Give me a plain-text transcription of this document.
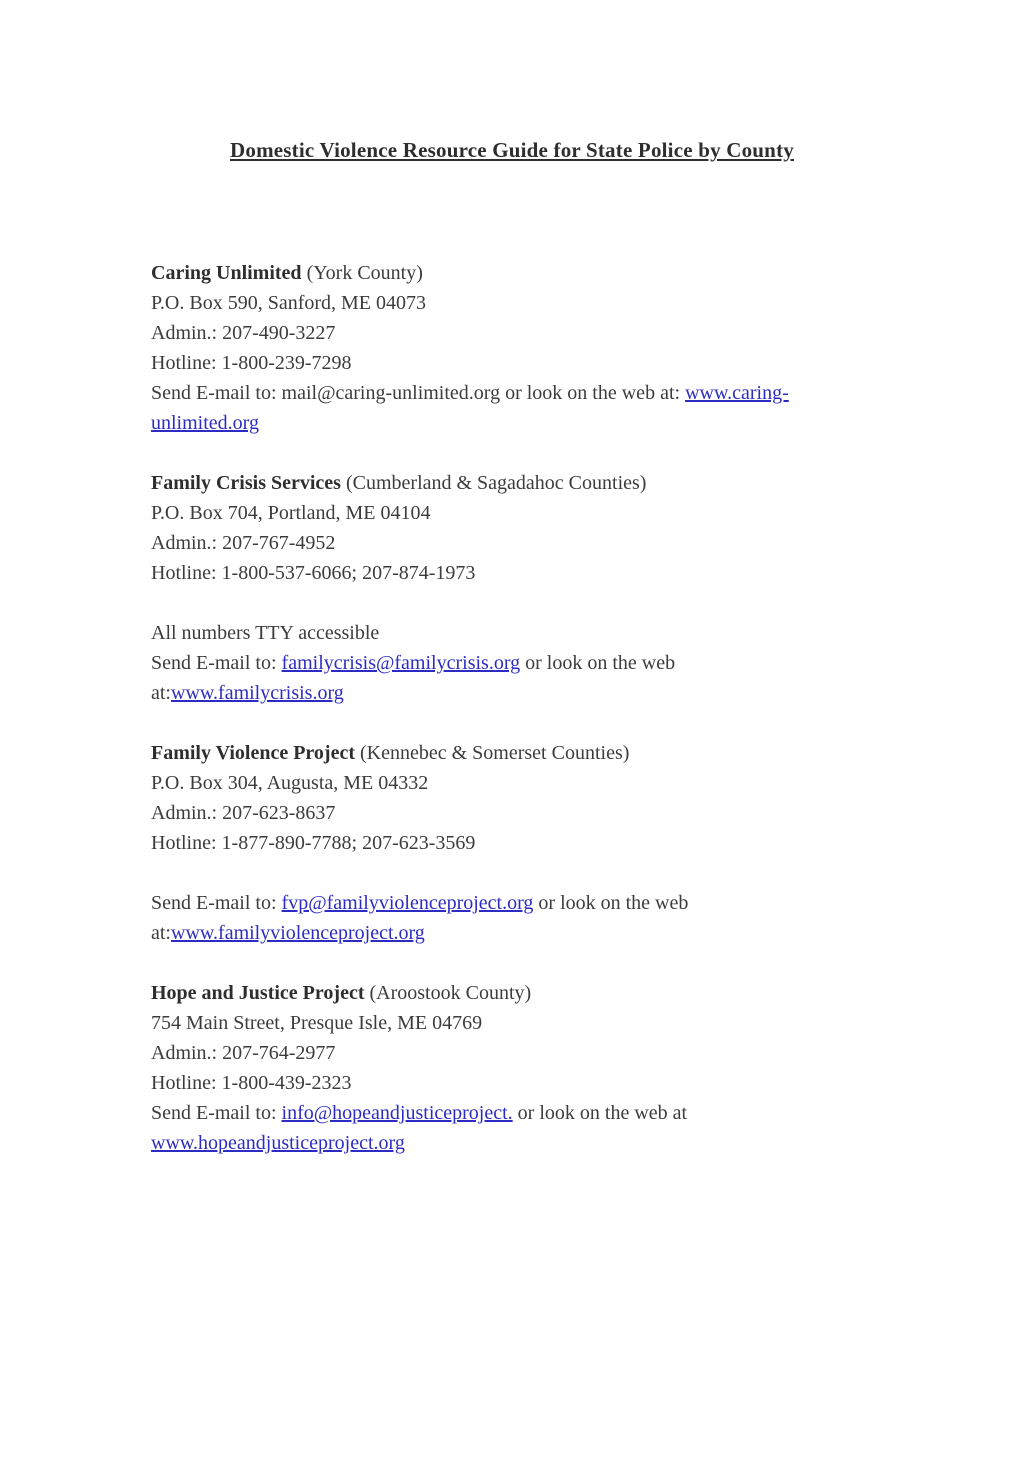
Domestic Violence Resource Guide for State Police by County

Caring Unlimited (York County)

P.O. Box 590, Sanford, ME 04073

Admin.: 207-490-3227

Hotline: 1-800-239-7298

Send E-mail to: mail@caring-unlimited.org or look on the web at: www.caring-
unlimited.org

Family Crisis Services (Cumberland & Sagadahoc Counties)

P.O. Box 704, Portland, ME 04104

Admin.: 207-767-4952

Hotline: 1-800-537-6066; 207-874-1973

All numbers TTY accessible

Send E-mail to: familycrisis@familycrisis.org or look on the web
at:www.familycrisis.org

Family Violence Project (Kennebec & Somerset Counties)

P.O. Box 304, Augusta, ME 04332

Admin.: 207-623-8637

Hotline: 1-877-890-7788; 207-623-3569

Send E-mail to: fvp@familyviolenceproject.org or look on the web
at:www.familyviolenceproject.org

Hope and Justice Project (Aroostook County)

754 Main Street, Presque Isle, ME 04769

Admin.: 207-764-2977

Hotline: 1-800-439-2323

Send E-mail to: info@hopeandjusticeproject. or look on the web at
www.hopeandjusticeproject.org
